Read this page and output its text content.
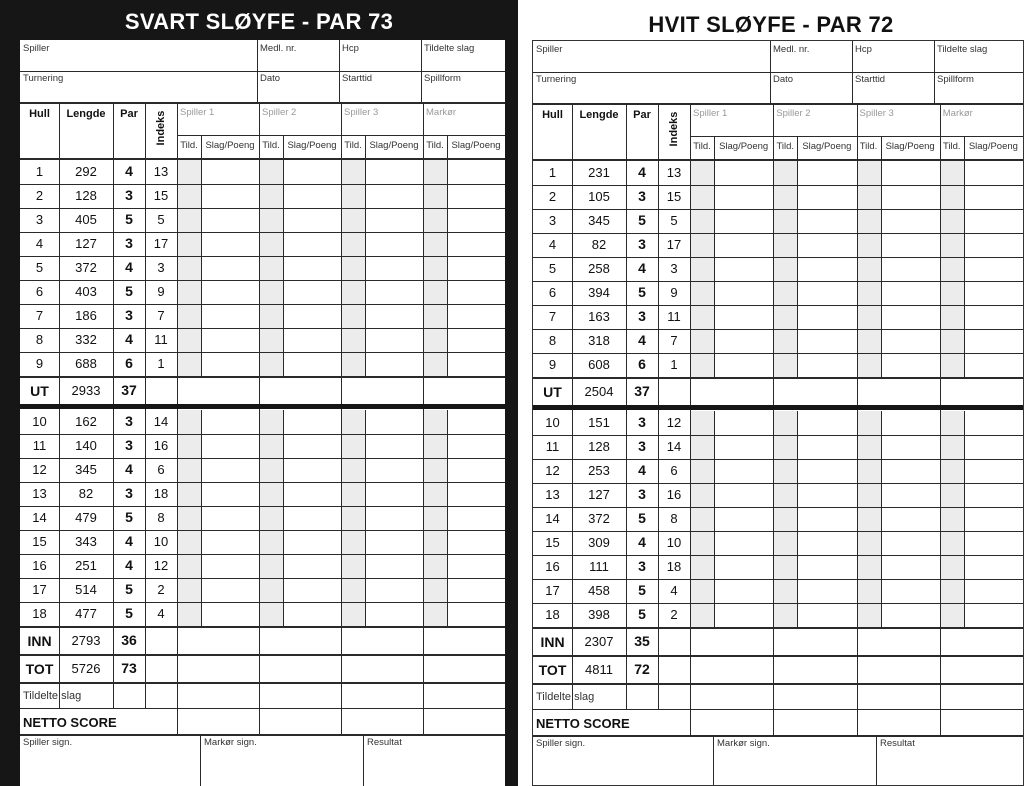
SVART SLØYFE - PAR 73
Spiller	Medl. nr.	Hcp	Tildelte slag
Turnering	Dato	Starttid	Spillform
Spiller 1
Tild. Slag/Poeng
Spiller 2
Tild. Slag/Poeng
Spiller 3
Tild. Slag/Poeng
Markør
Tild. Slag/Poeng
Hull	Lengde	Par	Indeks
1	292	4	13
2	128	3	15
3	405	5	5
4	127	3	17
5	372	4	3
6	403	5	9
7	186	3	7
8	332	4	11
9	688	6	1
10	162	3	14
11	140	3	16
12	345	4	6
13	82	3	18
14	479	5	8
15	343	4	10
16	251	4	12
17	514	5	2
18	477	5	4
UT	2933	37
INN	2793	36
TOT	5726	73
Tildelte slag
NETTO SCORE
Spiller sign.	Markør sign.	Resultat
HVIT SLØYFE - PAR 72
Spiller	Medl. nr.	Hcp	Tildelte slag
Turnering	Dato	Starttid	Spillform
Spiller 1
Tild. Slag/Poeng
Spiller 2
Tild. Slag/Poeng
Spiller 3
Tild. Slag/Poeng
Markør
Tild. Slag/Poeng
Hull	Lengde	Par	Indeks
1	231	4	13
2	105	3	15
3	345	5	5
4	82	3	17
5	258	4	3
6	394	5	9
7	163	3	11
8	318	4	7
9	608	6	1
10	151	3	12
11	128	3	14
12	253	4	6
13	127	3	16
14	372	5	8
15	309	4	10
16	111	3	18
17	458	5	4
18	398	5	2
UT	2504	37
INN	2307	35
TOT	4811	72
Tildelte slag
NETTO SCORE
Spiller sign.	Markør sign.	Resultat
